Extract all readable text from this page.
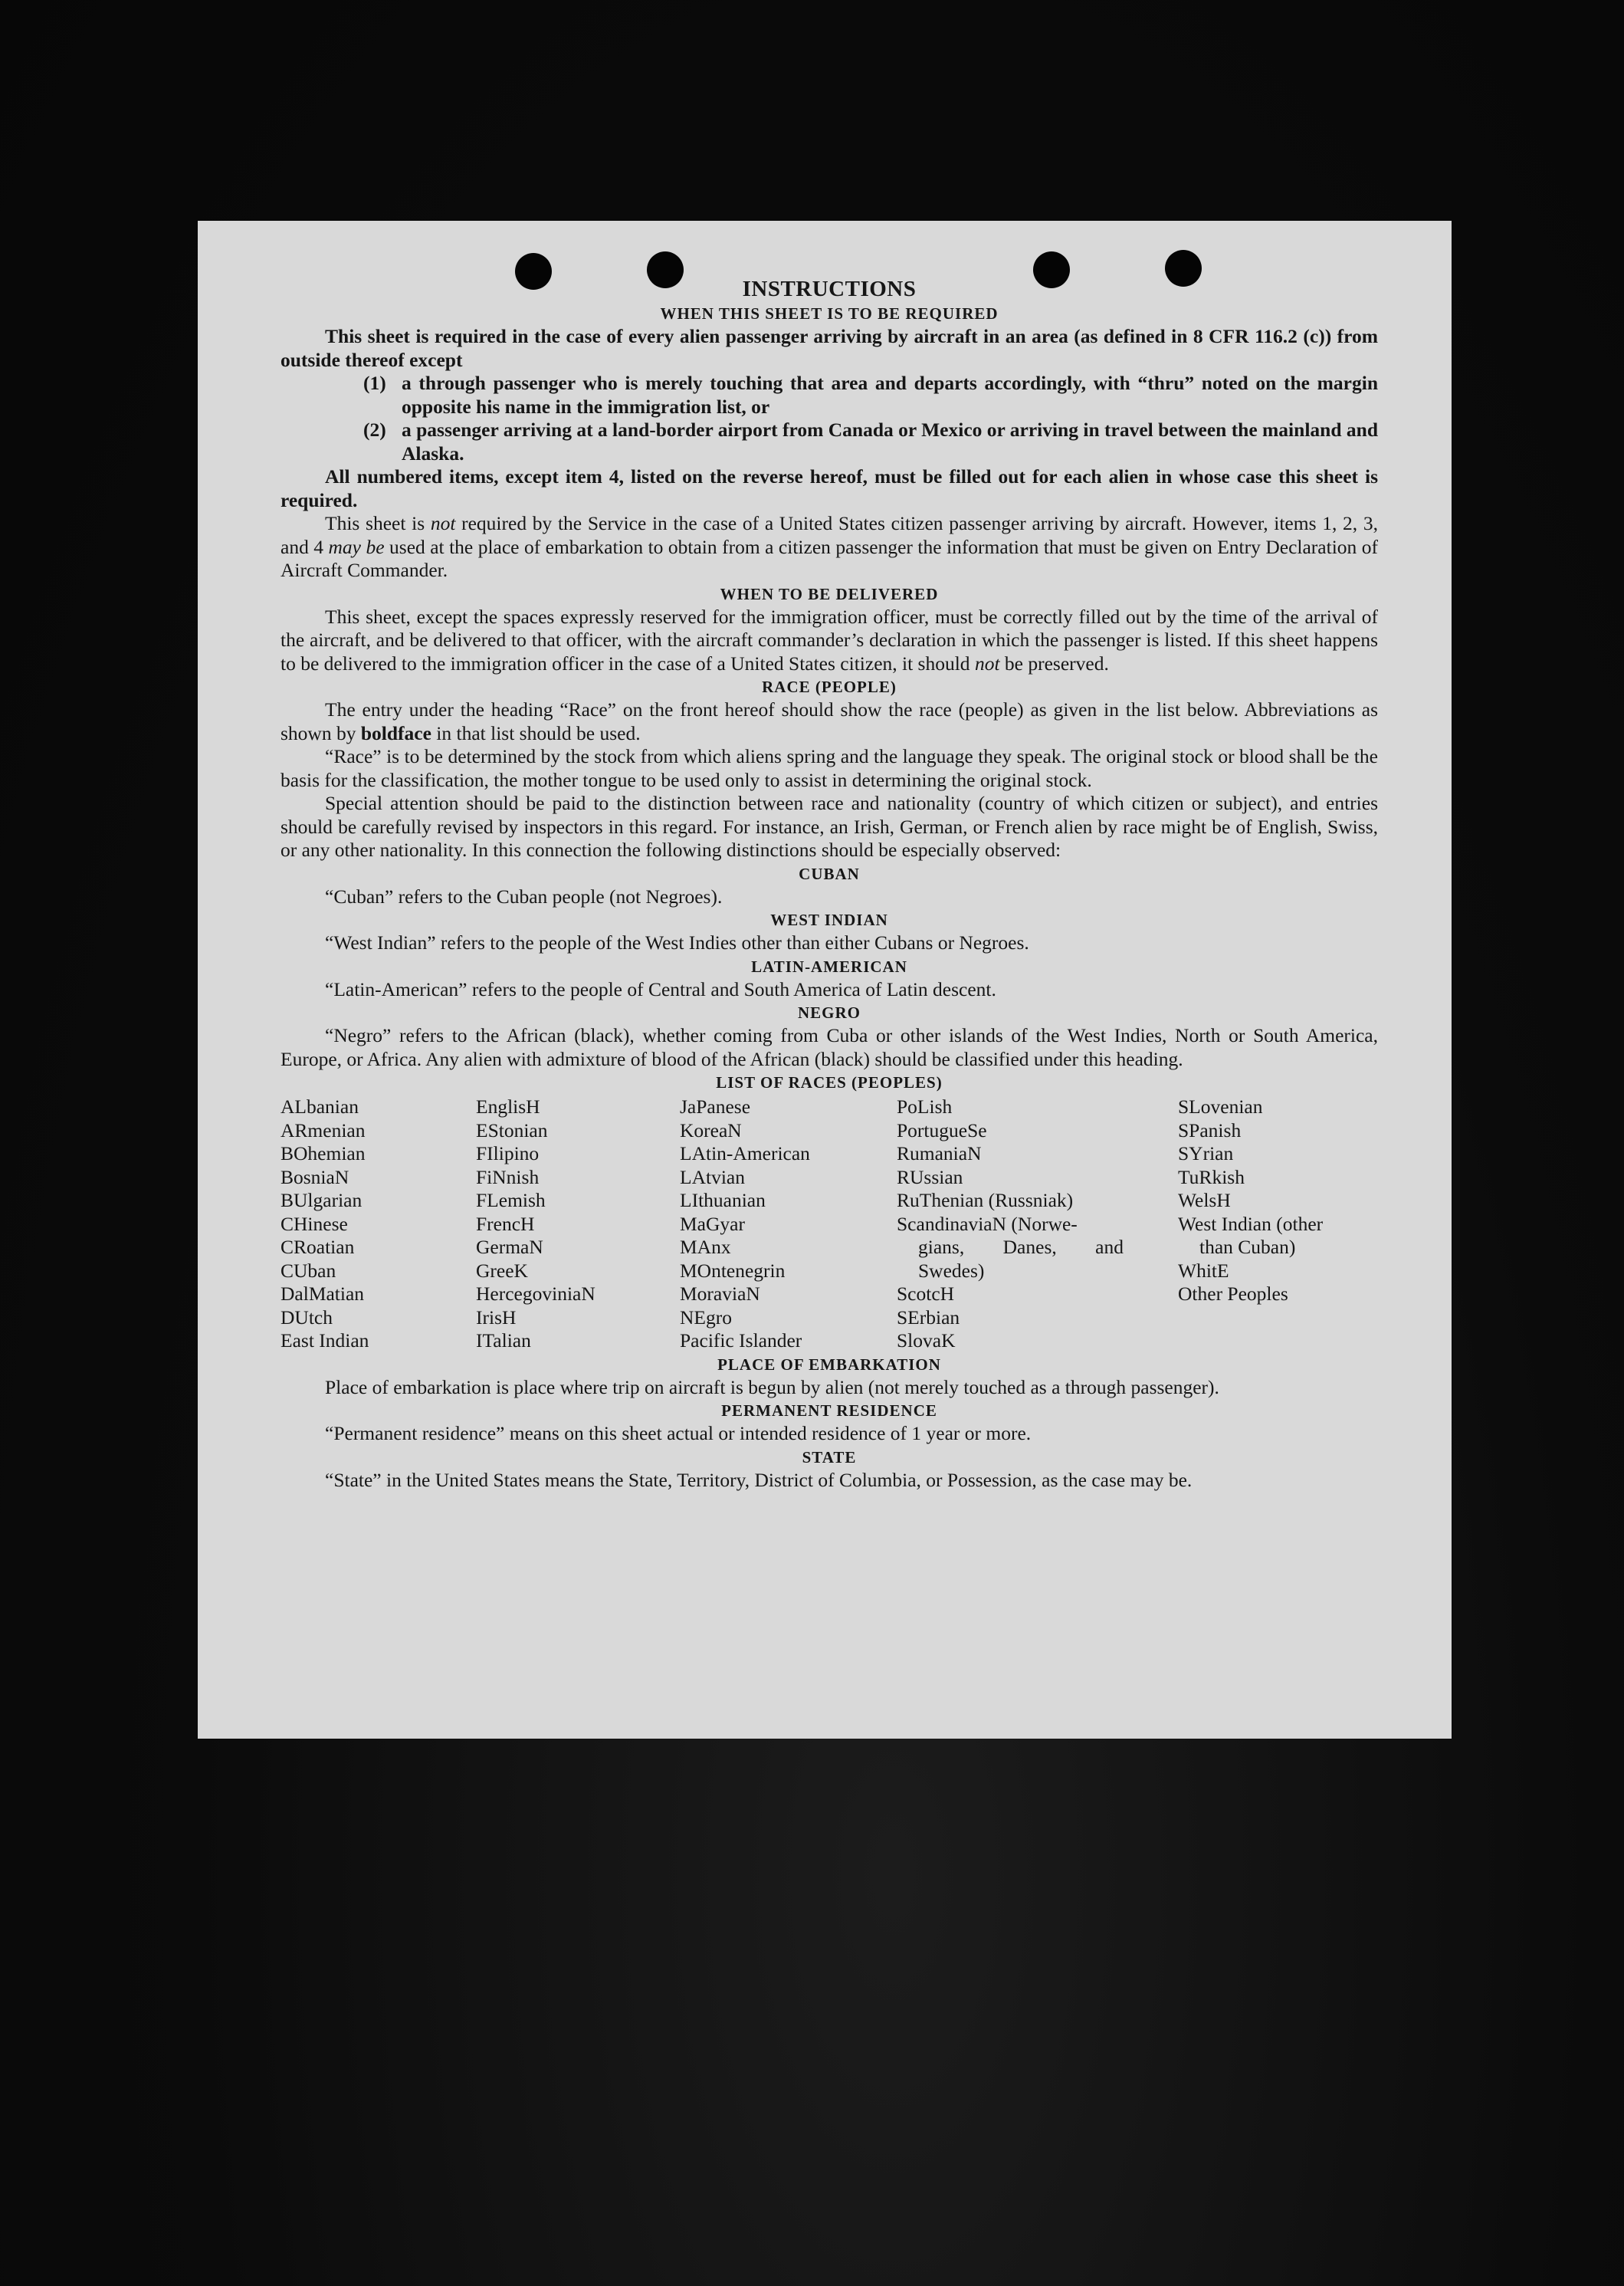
INSTRUCTIONS
WHEN THIS SHEET IS TO BE REQUIRED
This sheet is required in the case of every alien passenger arriving by aircraft in an area (as defined in 8 CFR 116.2 (c)) from outside thereof except
(1) a through passenger who is merely touching that area and departs accordingly, with “thru” noted on the margin opposite his name in the immigration list, or
(2) a passenger arriving at a land-border airport from Canada or Mexico or arriving in travel between the mainland and Alaska.
All numbered items, except item 4, listed on the reverse hereof, must be filled out for each alien in whose case this sheet is required.
This sheet is not required by the Service in the case of a United States citizen passenger arriving by aircraft. However, items 1, 2, 3, and 4 may be used at the place of embarkation to obtain from a citizen passenger the information that must be given on Entry Declaration of Aircraft Commander.
WHEN TO BE DELIVERED
This sheet, except the spaces expressly reserved for the immigration officer, must be correctly filled out by the time of the arrival of the aircraft, and be delivered to that officer, with the aircraft commander’s declaration in which the passenger is listed. If this sheet happens to be delivered to the immigration officer in the case of a United States citizen, it should not be preserved.
RACE (PEOPLE)
The entry under the heading “Race” on the front hereof should show the race (people) as given in the list below. Abbreviations as shown by boldface in that list should be used.
“Race” is to be determined by the stock from which aliens spring and the language they speak. The original stock or blood shall be the basis for the classification, the mother tongue to be used only to assist in determining the original stock.
Special attention should be paid to the distinction between race and nationality (country of which citizen or subject), and entries should be carefully revised by inspectors in this regard. For instance, an Irish, German, or French alien by race might be of English, Swiss, or any other nationality. In this connection the following distinctions should be especially observed:
CUBAN
“Cuban” refers to the Cuban people (not Negroes).
WEST INDIAN
“West Indian” refers to the people of the West Indies other than either Cubans or Negroes.
LATIN-AMERICAN
“Latin-American” refers to the people of Central and South America of Latin descent.
NEGRO
“Negro” refers to the African (black), whether coming from Cuba or other islands of the West Indies, North or South America, Europe, or Africa. Any alien with admixture of blood of the African (black) should be classified under this heading.
LIST OF RACES (PEOPLES)
ALbanian
ARmenian
BOhemian
BosniaN
BUlgarian
CHinese
CRoatian
CUban
DalMatian
DUtch
East Indian
EnglisH
EStonian
FIlipino
FiNnish
FLemish
FrencH
GermaN
GreeK
HercegoviniaN
IrisH
ITalian
JaPanese
KoreaN
LAtin-American
LAtvian
LIthuanian
MaGyar
MAnx
MOntenegrin
MoraviaN
NEgro
Pacific Islander
PoLish
PortugueSe
RumaniaN
RUssian
RuThenian (Russniak)
ScandinaviaN (Norwe-
gians, Danes, and
Swedes)
ScotcH
SErbian
SlovaK
SLovenian
SPanish
SYrian
TuRkish
WelsH
West Indian (other
than Cuban)
WhitE
Other Peoples
PLACE OF EMBARKATION
Place of embarkation is place where trip on aircraft is begun by alien (not merely touched as a through passenger).
PERMANENT RESIDENCE
“Permanent residence” means on this sheet actual or intended residence of 1 year or more.
STATE
“State” in the United States means the State, Territory, District of Columbia, or Possession, as the case may be.
